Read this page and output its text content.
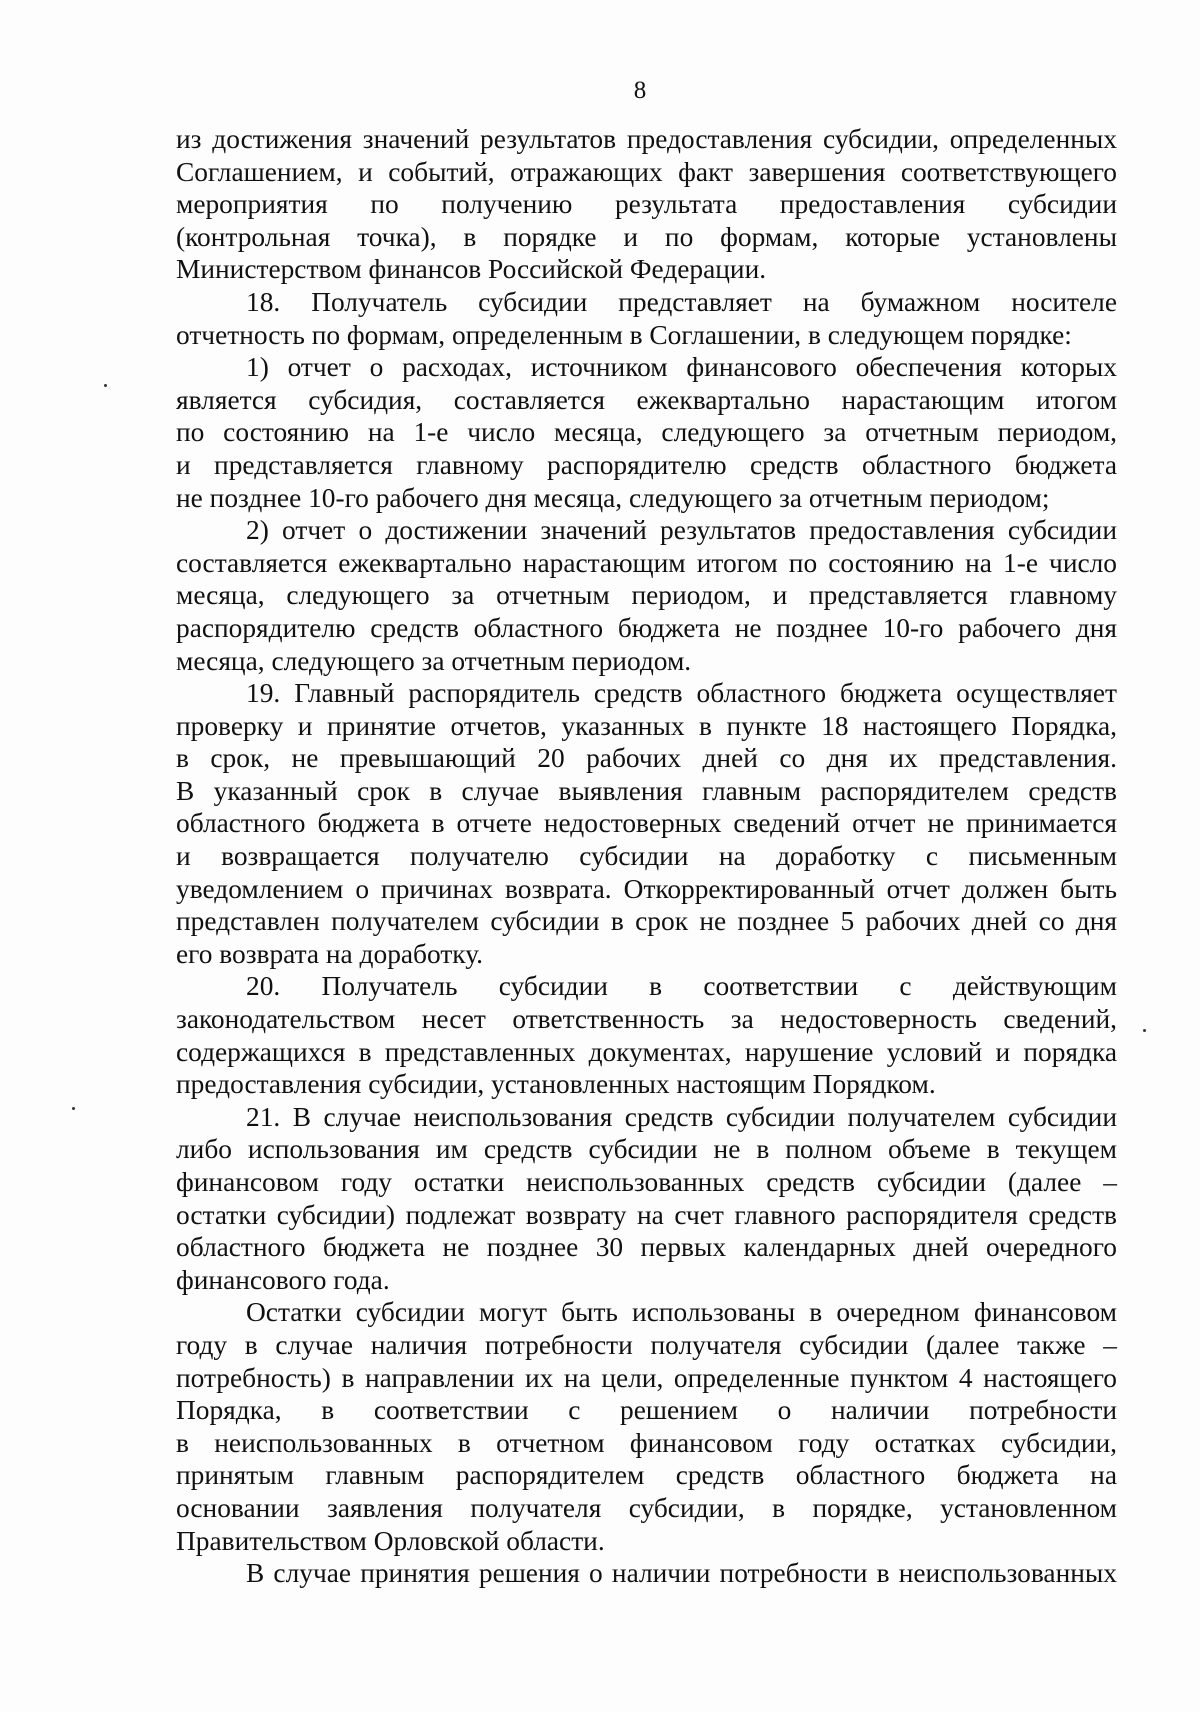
8
из достижения значений результатов предоставления субсидии, определенных
Соглашением, и событий, отражающих факт завершения соответствующего
мероприятия по получению результата предоставления субсидии
(контрольная точка), в порядке и по формам, которые установлены
Министерством финансов Российской Федерации.
18. Получатель субсидии представляет на бумажном носителе
отчетность по формам, определенным в Соглашении, в следующем порядке:
1) отчет о расходах, источником финансового обеспечения которых
является субсидия, составляется ежеквартально нарастающим итогом
по состоянию на 1-е число месяца, следующего за отчетным периодом,
и представляется главному распорядителю средств областного бюджета
не позднее 10-го рабочего дня месяца, следующего за отчетным периодом;
2) отчет о достижении значений результатов предоставления субсидии
составляется ежеквартально нарастающим итогом по состоянию на 1-е число
месяца, следующего за отчетным периодом, и представляется главному
распорядителю средств областного бюджета не позднее 10-го рабочего дня
месяца, следующего за отчетным периодом.
19. Главный распорядитель средств областного бюджета осуществляет
проверку и принятие отчетов, указанных в пункте 18 настоящего Порядка,
в срок, не превышающий 20 рабочих дней со дня их представления.
В указанный срок в случае выявления главным распорядителем средств
областного бюджета в отчете недостоверных сведений отчет не принимается
и возвращается получателю субсидии на доработку с письменным
уведомлением о причинах возврата. Откорректированный отчет должен быть
представлен получателем субсидии в срок не позднее 5 рабочих дней со дня
его возврата на доработку.
20. Получатель субсидии в соответствии с действующим
законодательством несет ответственность за недостоверность сведений,
содержащихся в представленных документах, нарушение условий и порядка
предоставления субсидии, установленных настоящим Порядком.
21. В случае неиспользования средств субсидии получателем субсидии
либо использования им средств субсидии не в полном объеме в текущем
финансовом году остатки неиспользованных средств субсидии (далее –
остатки субсидии) подлежат возврату на счет главного распорядителя средств
областного бюджета не позднее 30 первых календарных дней очередного
финансового года.
Остатки субсидии могут быть использованы в очередном финансовом
году в случае наличия потребности получателя субсидии (далее также –
потребность) в направлении их на цели, определенные пунктом 4 настоящего
Порядка, в соответствии с решением о наличии потребности
в неиспользованных в отчетном финансовом году остатках субсидии,
принятым главным распорядителем средств областного бюджета на
основании заявления получателя субсидии, в порядке, установленном
Правительством Орловской области.
В случае принятия решения о наличии потребности в неиспользованных
